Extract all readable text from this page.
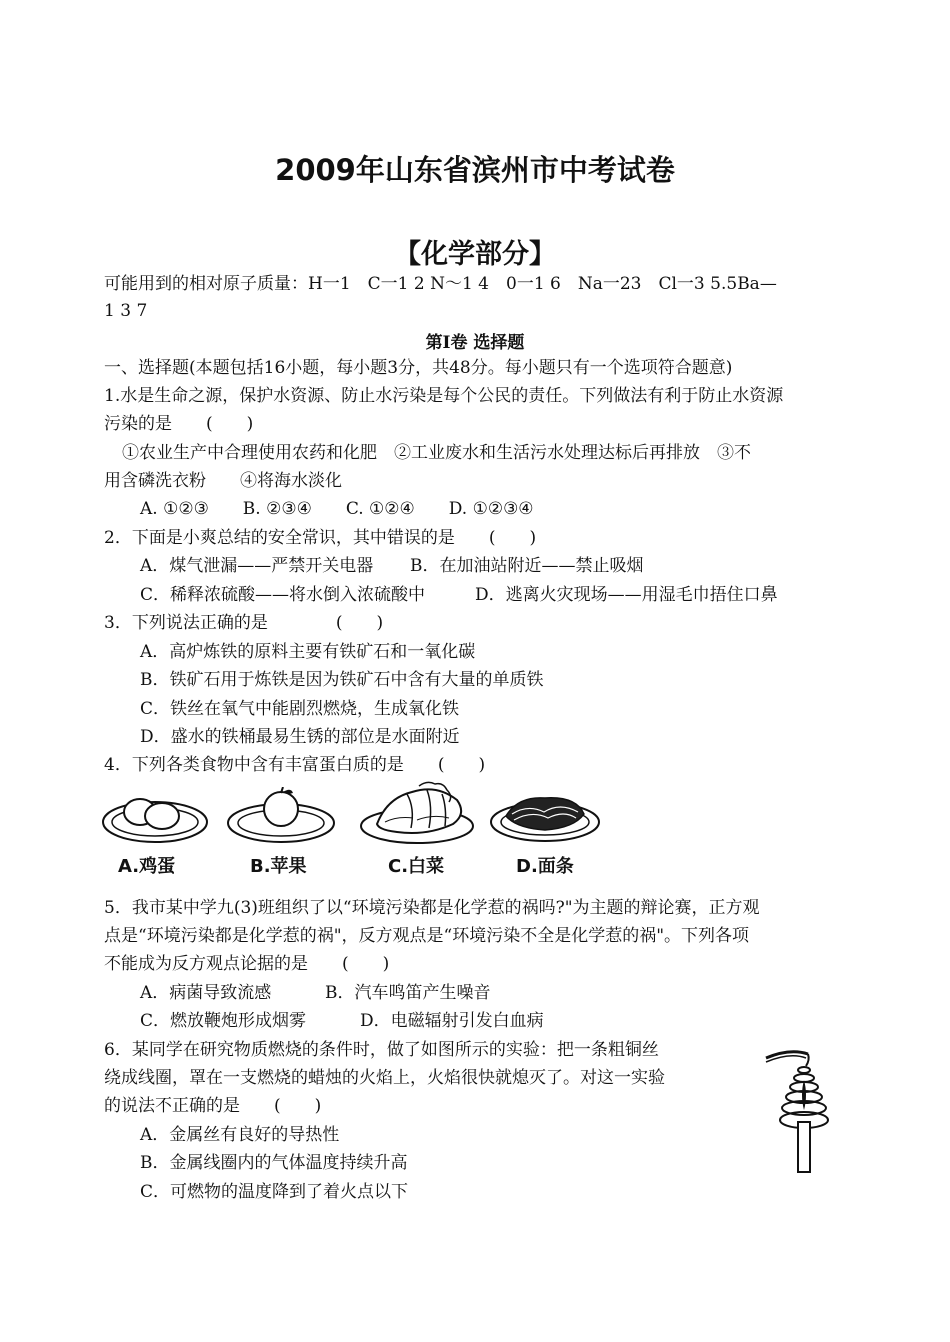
2009年山东省滨州市中考试卷
【化学部分】
可能用到的相对原子质量：H一1　C一1 2 N～1 4　0一1 6　Na一23　Cl一3 5.5Ba—
1 3 7
第Ⅰ卷 选择题
一、选择题(本题包括16小题，每小题3分，共48分。每小题只有一个选项符合题意)
1.水是生命之源，保护水资源、防止水污染是每个公民的责任。下列做法有利于防止水资源
污染的是　　(　　)
①农业生产中合理使用农药和化肥　②工业废水和生活污水处理达标后再排放　③不
用含磷洗衣粉　　④将海水淡化
A. ①②③　　B. ②③④　　C. ①②④　　D. ①②③④
2．下面是小爽总结的安全常识，其中错误的是　　(　　)
A．煤气泄漏——严禁开关电器 B．在加油站附近——禁止吸烟
C．稀释浓硫酸——将水倒入浓硫酸中	D．逃离火灾现场——用湿毛巾捂住口鼻
3．下列说法正确的是　　　　(　　)
A．高炉炼铁的原料主要有铁矿石和一氧化碳
B．铁矿石用于炼铁是因为铁矿石中含有大量的单质铁
C．铁丝在氧气中能剧烈燃烧，生成氧化铁
D．盛水的铁桶最易生锈的部位是水面附近
4．下列各类食物中含有丰富蛋白质的是　　(　　)
A.鸡蛋	B.苹果	C.白菜	D.面条
5．我市某中学九(3)班组织了以“环境污染都是化学惹的祸吗?"为主题的辩论赛，正方观
点是“环境污染都是化学惹的祸"，反方观点是“环境污染不全是化学惹的祸"。下列各项
不能成为反方观点论据的是　　(　　)
A．病菌导致流感	B．汽车鸣笛产生噪音
C．燃放鞭炮形成烟雾	D．电磁辐射引发白血病
6．某同学在研究物质燃烧的条件时，做了如图所示的实验：把一条粗铜丝
绕成线圈，罩在一支燃烧的蜡烛的火焰上，火焰很快就熄灭了。对这一实验
的说法不正确的是　　(　　)
A．金属丝有良好的导热性
B．金属线圈内的气体温度持续升高
C．可燃物的温度降到了着火点以下
